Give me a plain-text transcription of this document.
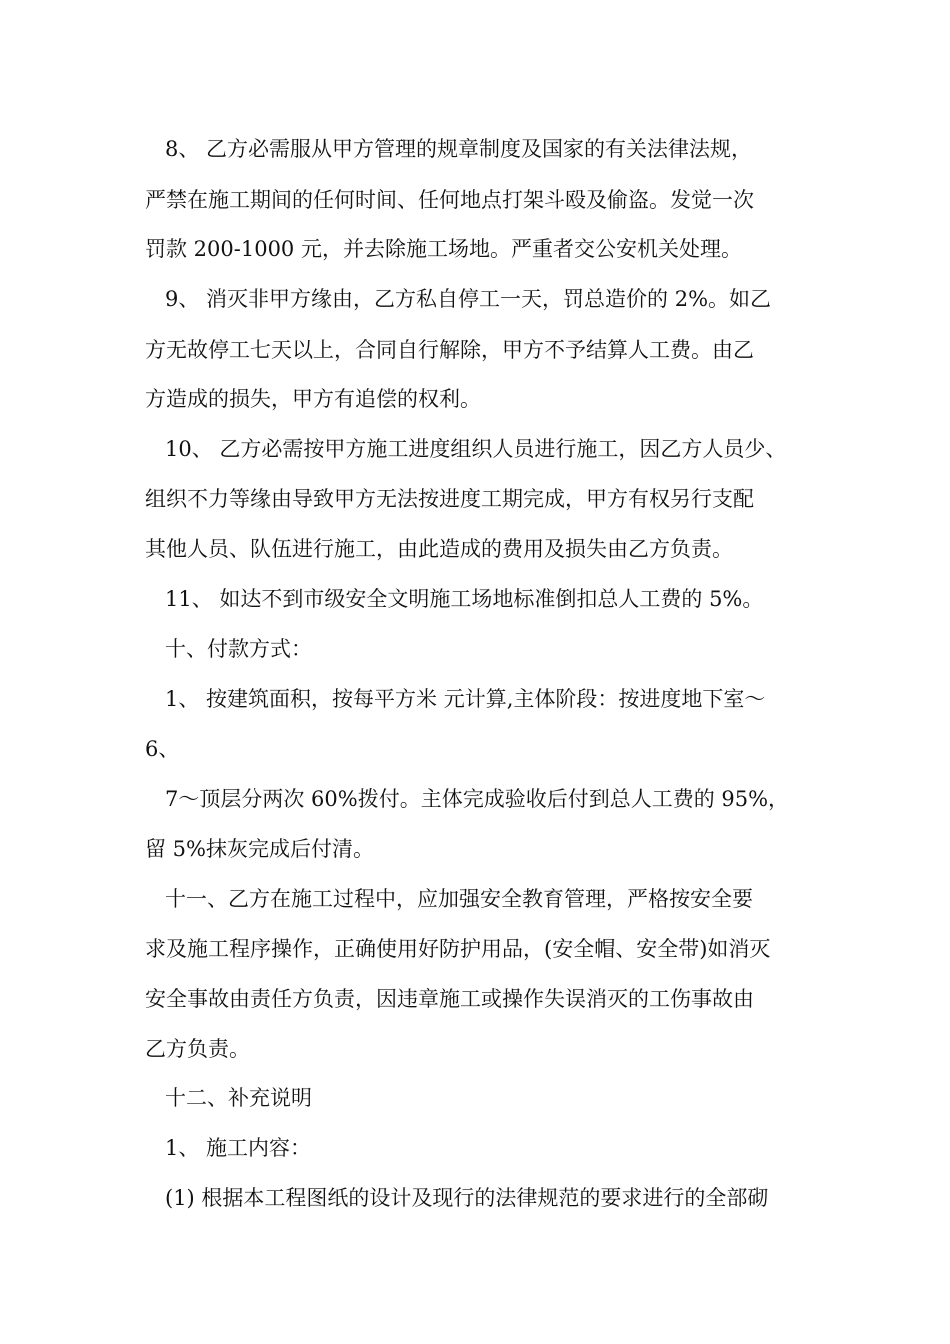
8、 乙方必需服从甲方管理的规章制度及国家的有关法律法规，
严禁在施工期间的任何时间、任何地点打架斗殴及偷盗。发觉一次
罚款 200-1000 元，并去除施工场地。严重者交公安机关处理。
9、 消灭非甲方缘由，乙方私自停工一天，罚总造价的 2%。如乙
方无故停工七天以上，合同自行解除，甲方不予结算人工费。由乙
方造成的损失，甲方有追偿的权利。
10、 乙方必需按甲方施工进度组织人员进行施工，因乙方人员少、
组织不力等缘由导致甲方无法按进度工期完成，甲方有权另行支配
其他人员、队伍进行施工，由此造成的费用及损失由乙方负责。
11、 如达不到市级安全文明施工场地标准倒扣总人工费的 5%。
十、付款方式：
1、 按建筑面积，按每平方米 元计算,主体阶段：按进度地下室～
6、
7～顶层分两次 60%拨付。主体完成验收后付到总人工费的 95%，
留 5%抹灰完成后付清。
十一、乙方在施工过程中，应加强安全教育管理，严格按安全要
求及施工程序操作，正确使用好防护用品，(安全帽、安全带)如消灭
安全事故由责任方负责，因违章施工或操作失误消灭的工伤事故由
乙方负责。
十二、补充说明
1、 施工内容：
(1) 根据本工程图纸的设计及现行的法律规范的要求进行的全部砌
